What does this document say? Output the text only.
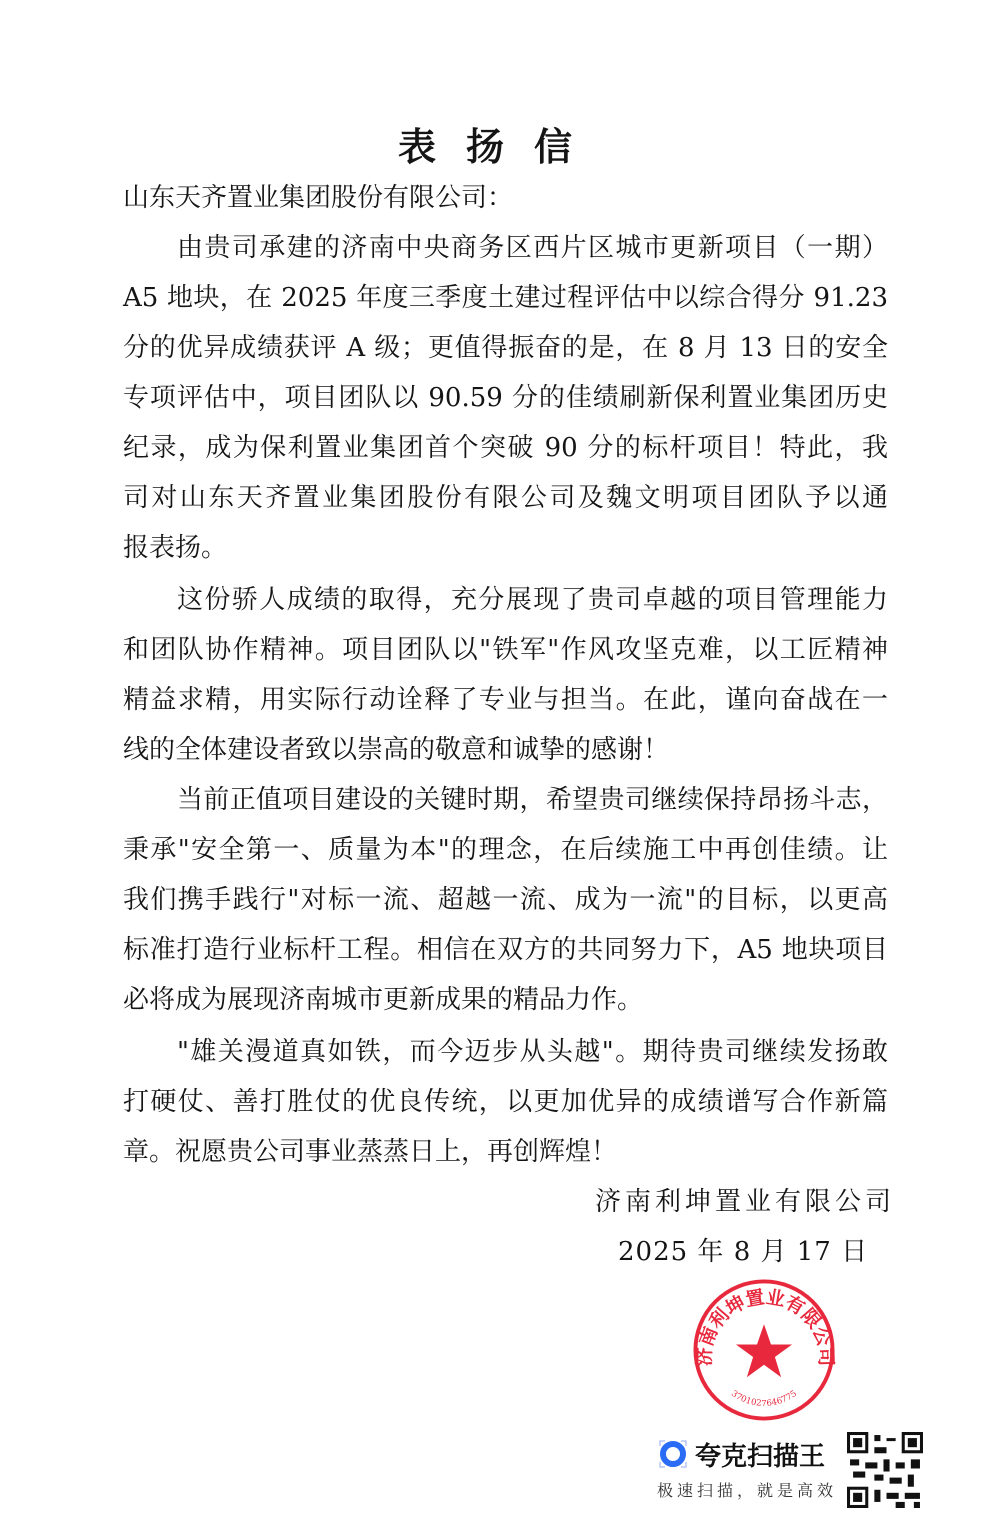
表扬信
山东天齐置业集团股份有限公司：
由贵司承建的济南中央商务区西片区城市更新项目（一期）
A5 地块，在 2025 年度三季度土建过程评估中以综合得分 91.23
分的优异成绩获评 A 级；更值得振奋的是，在 8 月 13 日的安全
专项评估中，项目团队以 90.59 分的佳绩刷新保利置业集团历史
纪录，成为保利置业集团首个突破 90 分的标杆项目！特此，我
司对山东天齐置业集团股份有限公司及魏文明项目团队予以通
报表扬。
这份骄人成绩的取得，充分展现了贵司卓越的项目管理能力
和团队协作精神。项目团队以"铁军"作风攻坚克难，以工匠精神
精益求精，用实际行动诠释了专业与担当。在此，谨向奋战在一
线的全体建设者致以崇高的敬意和诚挚的感谢！
当前正值项目建设的关键时期，希望贵司继续保持昂扬斗志，
秉承"安全第一、质量为本"的理念，在后续施工中再创佳绩。让
我们携手践行"对标一流、超越一流、成为一流"的目标，以更高
标准打造行业标杆工程。相信在双方的共同努力下，A5 地块项目
必将成为展现济南城市更新成果的精品力作。
"雄关漫道真如铁，而今迈步从头越"。期待贵司继续发扬敢
打硬仗、善打胜仗的优良传统，以更加优异的成绩谱写合作新篇
章。祝愿贵公司事业蒸蒸日上，再创辉煌！
济南利坤置业有限公司
2025 年 8 月 17 日
济南利坤置业有限公司
3701027646775
夸克扫描王
极速扫描，就是高效
